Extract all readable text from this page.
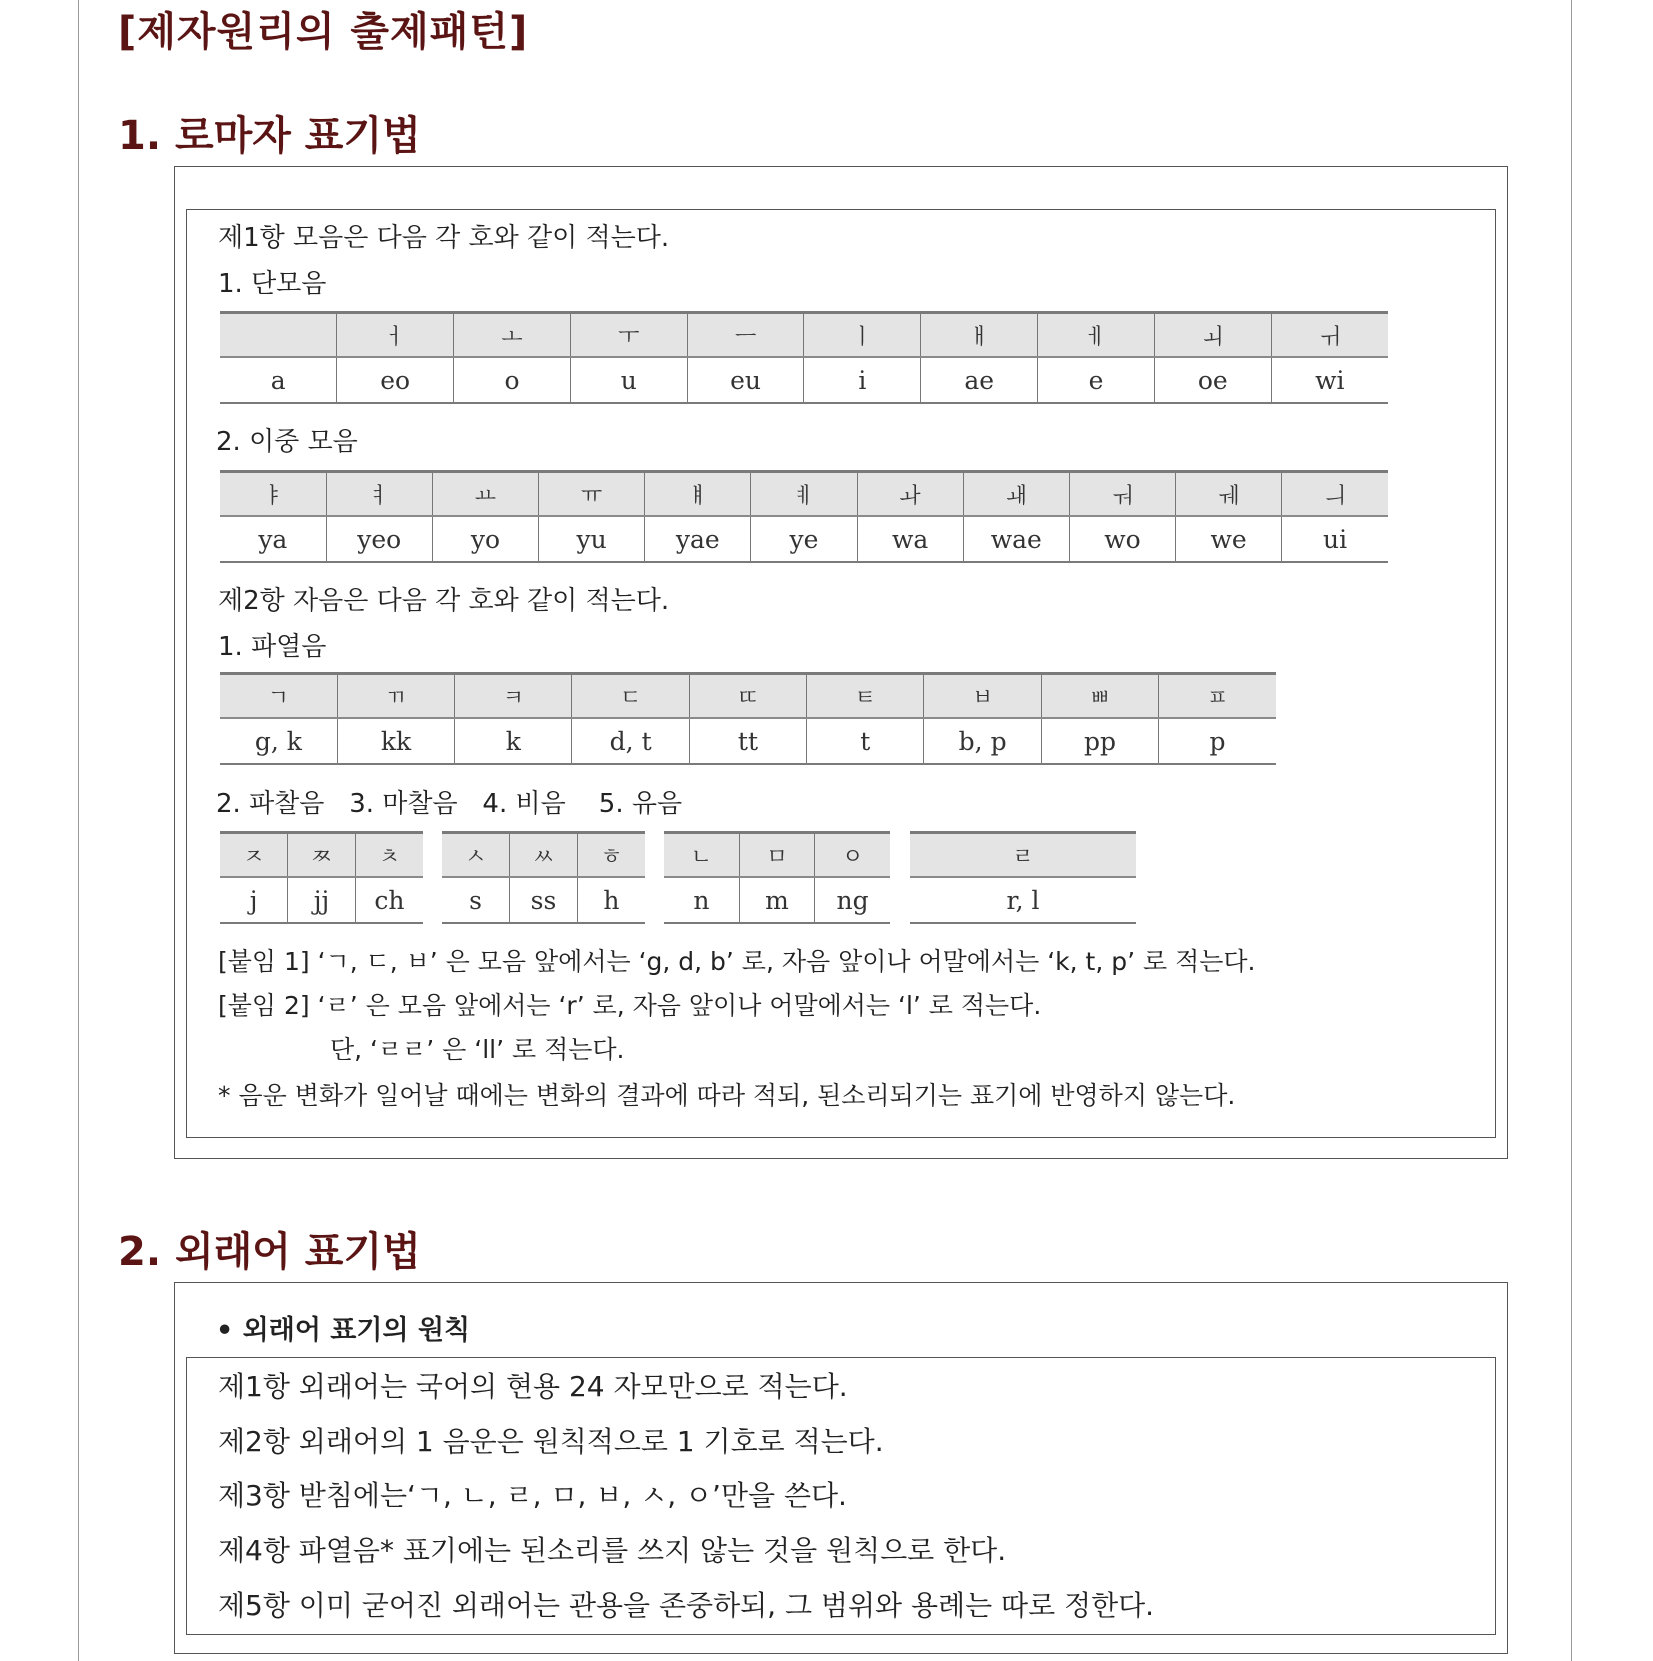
[제자원리의 출제패턴]
1. 로마자 표기법
제1항 모음은 다음 각 호와 같이 적는다.
1. 단모음
	ㅓ	ㅗ	ㅜ	ㅡ	ㅣ	ㅐ	ㅔ	ㅚ	ㅟ
a	eo	o	u	eu	i	ae	e	oe	wi
2. 이중 모음
ㅑ	ㅕ	ㅛ	ㅠ	ㅒ	ㅖ	ㅘ	ㅙ	ㅝ	ㅞ	ㅢ
ya	yeo	yo	yu	yae	ye	wa	wae	wo	we	ui
제2항 자음은 다음 각 호와 같이 적는다.
1. 파열음
ㄱ	ㄲ	ㅋ	ㄷ	ㄸ	ㅌ	ㅂ	ㅃ	ㅍ
g, k	kk	k	d, t	tt	t	b, p	pp	p
2. 파찰음   3. 마찰음   4. 비음    5. 유음
ㅈ	ㅉ	ㅊ
j	jj	ch
ㅅ	ㅆ	ㅎ
s	ss	h
ㄴ	ㅁ	ㅇ
n	m	ng
ㄹ
r, l
[붙임 1] ‘ㄱ, ㄷ, ㅂ’ 은 모음 앞에서는 ‘g, d, b’ 로, 자음 앞이나 어말에서는 ‘k, t, p’ 로 적는다.
[붙임 2] ‘ㄹ’ 은 모음 앞에서는 ‘r’ 로, 자음 앞이나 어말에서는 ‘l’ 로 적는다.
단, ‘ㄹㄹ’ 은 ‘ll’ 로 적는다.
* 음운 변화가 일어날 때에는 변화의 결과에 따라 적되, 된소리되기는 표기에 반영하지 않는다.
2. 외래어 표기법
• 외래어 표기의 원칙
제1항 외래어는 국어의 현용 24 자모만으로 적는다.
제2항 외래어의 1 음운은 원칙적으로 1 기호로 적는다.
제3항 받침에는‘ㄱ, ㄴ, ㄹ, ㅁ, ㅂ, ㅅ, ㅇ’만을 쓴다.
제4항 파열음* 표기에는 된소리를 쓰지 않는 것을 원칙으로 한다.
제5항 이미 굳어진 외래어는 관용을 존중하되, 그 범위와 용례는 따로 정한다.
